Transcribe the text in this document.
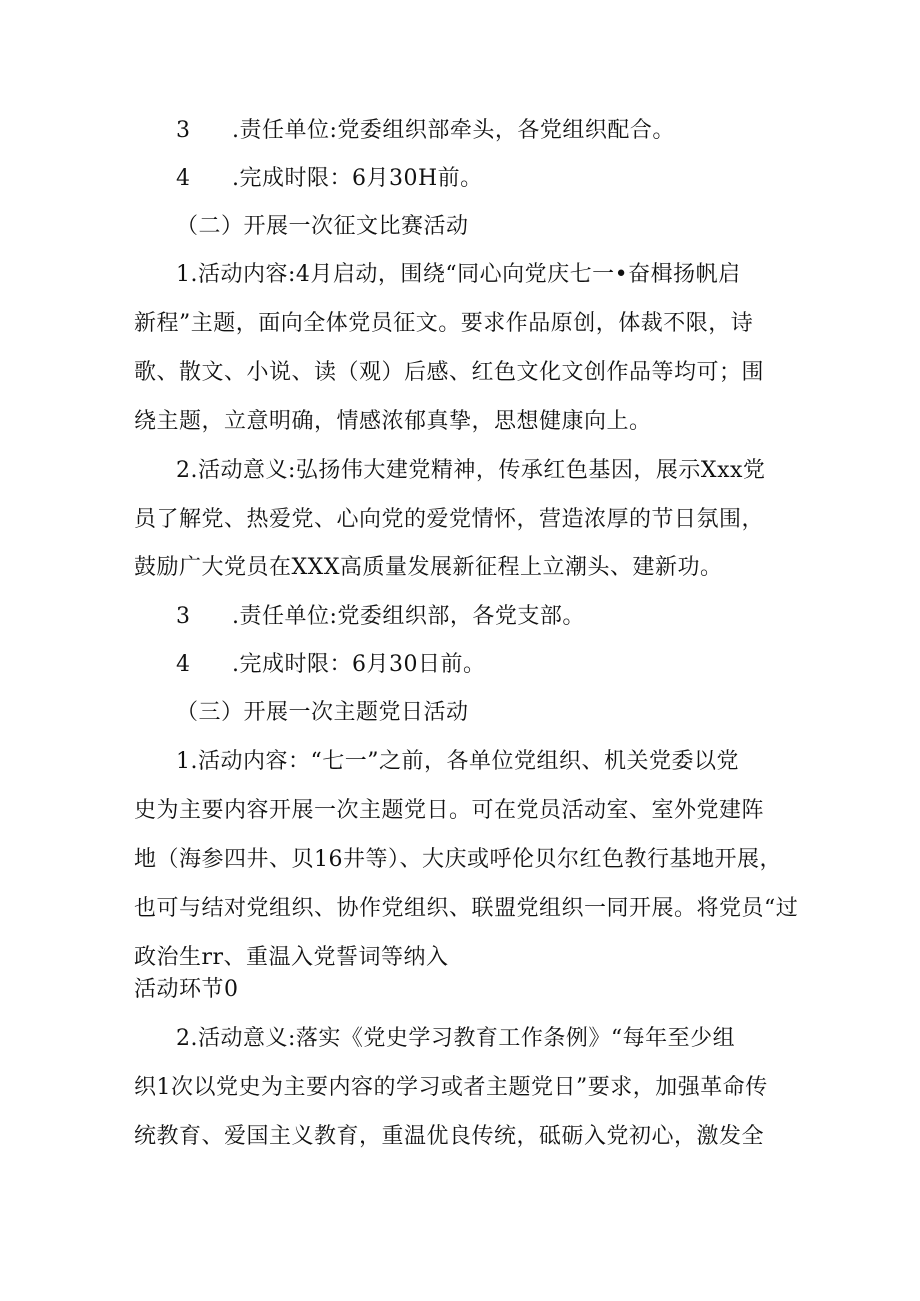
3 .责任单位:党委组织部牵头，各党组织配合。
4 .完成时限：6月30H前。
（二）开展一次征文比赛活动
1.活动内容:4月启动，围绕“同心向党庆七一•奋楫扬帆启
新程”主题，面向全体党员征文。要求作品原创，体裁不限，诗
歌、散文、小说、读（观）后感、红色文化文创作品等均可；围
绕主题，立意明确，情感浓郁真挚，思想健康向上。
2.活动意义:弘扬伟大建党精神，传承红色基因，展示Xxx党
员了解党、热爱党、心向党的爱党情怀，营造浓厚的节日氛围，
鼓励广大党员在XXX高质量发展新征程上立潮头、建新功。
3 .责任单位:党委组织部，各党支部。
4 .完成时限：6月30日前。
（三）开展一次主题党日活动
1.活动内容：“七一”之前，各单位党组织、机关党委以党
史为主要内容开展一次主题党日。可在党员活动室、室外党建阵
地（海参四井、贝16井等）、大庆或呼伦贝尔红色教行基地开展，
也可与结对党组织、协作党组织、联盟党组织一同开展。将党员“过
政治生rr、重温入党誓词等纳入
活动环节0
2.活动意义:落实《党史学习教育工作条例》“每年至少组
织1次以党史为主要内容的学习或者主题党日”要求，加强革命传
统教育、爱国主义教育，重温优良传统，砥砺入党初心，激发全
